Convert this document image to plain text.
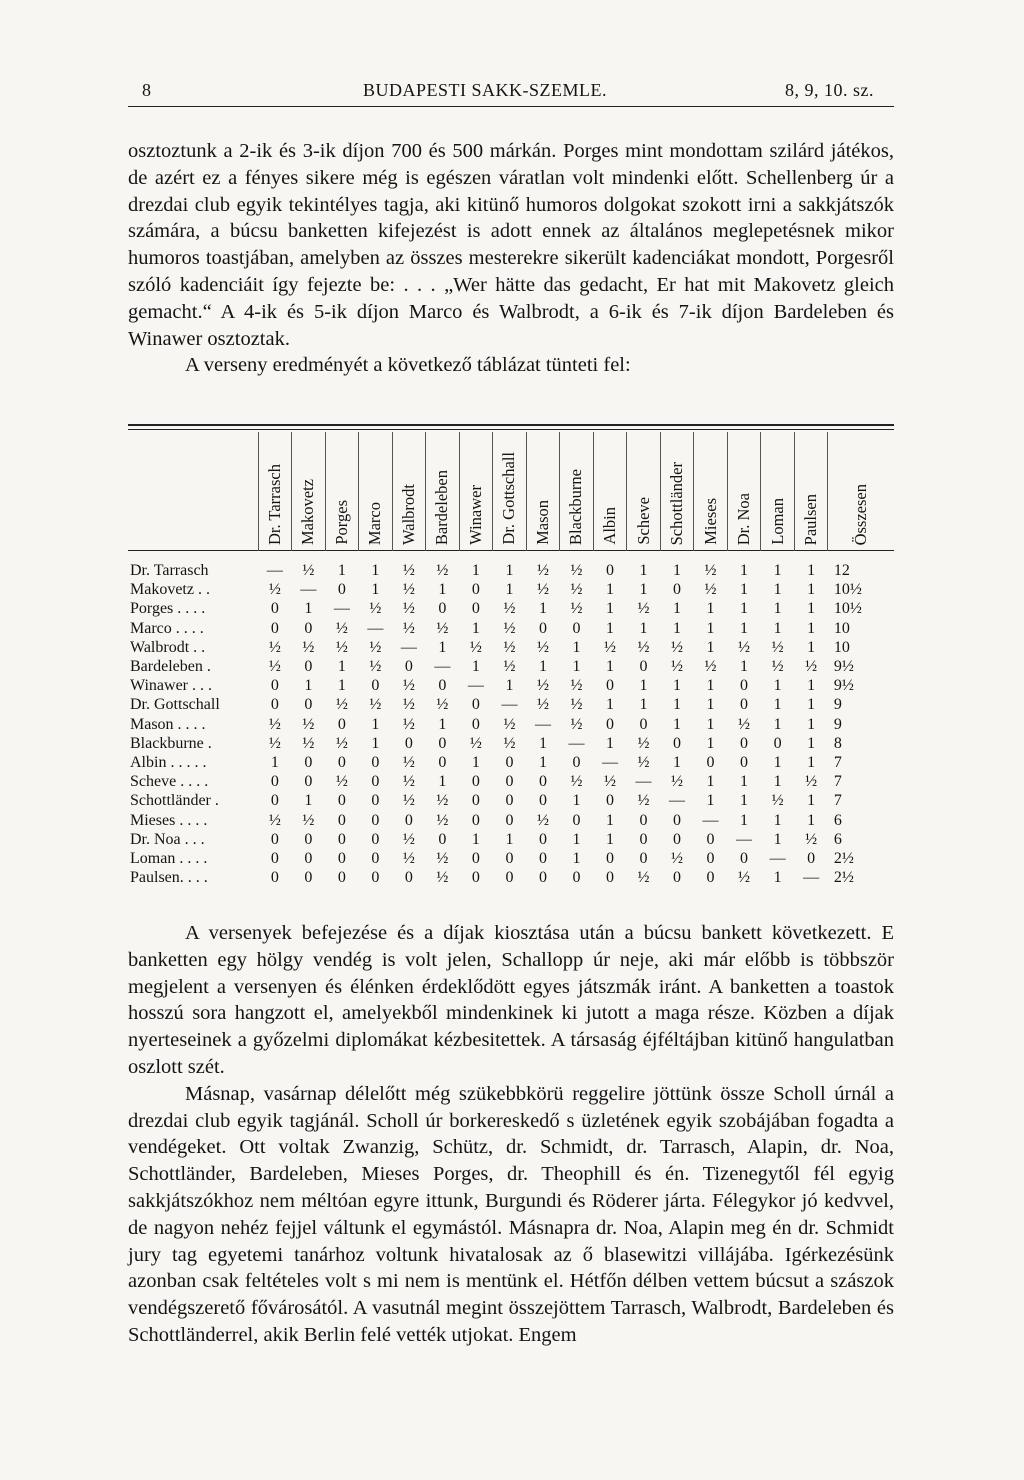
8	BUDAPESTI SAKK-SZEMLE.	8, 9, 10. sz.

osztoztunk a 2-ik és 3-ik díjon 700 és 500 márkán. Porges mint mondottam szilárd játékos, de azért ez a fényes sikere még is egészen váratlan volt mindenki előtt. Schellenberg úr a drezdai club egyik tekintélyes tagja, aki kitünő humoros dolgokat szokott irni a sakkjátszók számára, a búcsu banketten kifejezést is adott ennek az általános meglepetésnek mikor humoros toastjában, amelyben az összes mesterekre sikerült kadenciákat mondott, Porgesről szóló kadenciáit így fejezte be: . . . „Wer hätte das gedacht, Er hat mit Makovetz gleich gemacht.“ A 4-ik és 5-ik díjon Marco és Walbrodt, a 6-ik és 7-ik díjon Bardeleben és Winawer osztoztak.
A verseny eredményét a következő táblázat tünteti fel:

	Dr. Tarrasch	Makovetz	Porges	Marco	Walbrodt	Bardeleben	Winawer	Dr. Gottschall	Mason	Blackburne	Albin	Scheve	Schottländer	Mieses	Dr. Noa	Loman	Paulsen	Összesen
Dr. Tarrasch	—	½	1	1	½	½	1	1	½	½	0	1	1	½	1	1	1	12
Makovetz . .	½	—	0	1	½	1	0	1	½	½	1	1	0	½	1	1	1	10½
Porges . . . .	0	1	—	½	½	0	0	½	1	½	1	½	1	1	1	1	1	10½
Marco . . . .	0	0	½	—	½	½	1	½	0	0	1	1	1	1	1	1	1	10
Walbrodt . .	½	½	½	½	—	1	½	½	½	1	½	½	½	1	½	½	1	10
Bardeleben .	½	0	1	½	0	—	1	½	1	1	1	0	½	½	1	½	½	9½
Winawer . . .	0	1	1	0	½	0	—	1	½	½	0	1	1	1	0	1	1	9½
Dr. Gottschall	0	0	½	½	½	½	0	—	½	½	1	1	1	1	0	1	1	9
Mason . . . .	½	½	0	1	½	1	0	½	—	½	0	0	1	1	½	1	1	9
Blackburne .	½	½	½	1	0	0	½	½	1	—	1	½	0	1	0	0	1	8
Albin . . . . .	1	0	0	0	½	0	1	0	1	0	—	½	1	0	0	1	1	7
Scheve . . . .	0	0	½	0	½	1	0	0	0	½	½	—	½	1	1	1	½	7
Schottländer .	0	1	0	0	½	½	0	0	0	1	0	½	—	1	1	½	1	7
Mieses . . . .	½	½	0	0	0	½	0	0	½	0	1	0	0	—	1	1	1	6
Dr. Noa . . .	0	0	0	0	½	0	1	1	0	1	1	0	0	0	—	1	½	6
Loman . . . .	0	0	0	0	½	½	0	0	0	1	0	0	½	0	0	—	0	2½
Paulsen. . . .	0	0	0	0	0	½	0	0	0	0	0	½	0	0	½	1	—	2½

A versenyek befejezése és a díjak kiosztása után a búcsu bankett következett. E banketten egy hölgy vendég is volt jelen, Schallopp úr neje, aki már előbb is többször megjelent a versenyen és élénken érdeklődött egyes játszmák iránt. A banketten a toastok hosszú sora hangzott el, amelyekből mindenkinek ki jutott a maga része. Közben a díjak nyerteseinek a győzelmi diplomákat kézbesitettek. A társaság éjféltájban kitünő hangulatban oszlott szét.
Másnap, vasárnap délelőtt még szükebbkörü reggelire jöttünk össze Scholl úrnál a drezdai club egyik tagjánál. Scholl úr borkereskedő s üzletének egyik szobájában fogadta a vendégeket. Ott voltak Zwanzig, Schütz, dr. Schmidt, dr. Tarrasch, Alapin, dr. Noa, Schottländer, Bardeleben, Mieses Porges, dr. Theophill és én. Tizenegytől fél egyig sakkjátszókhoz nem méltóan egyre ittunk, Burgundi és Röderer járta. Félegykor jó kedvvel, de nagyon nehéz fejjel váltunk el egymástól. Másnapra dr. Noa, Alapin meg én dr. Schmidt jury tag egyetemi tanárhoz voltunk hivatalosak az ő blasewitzi villájába. Igérkezésünk azonban csak feltételes volt s mi nem is mentünk el. Hétfőn délben vettem búcsut a szászok vendégszerető fővárosától. A vasutnál megint összejöttem Tarrasch, Walbrodt, Bardeleben és Schottländerrel, akik Berlin felé vették utjokat. Engem
